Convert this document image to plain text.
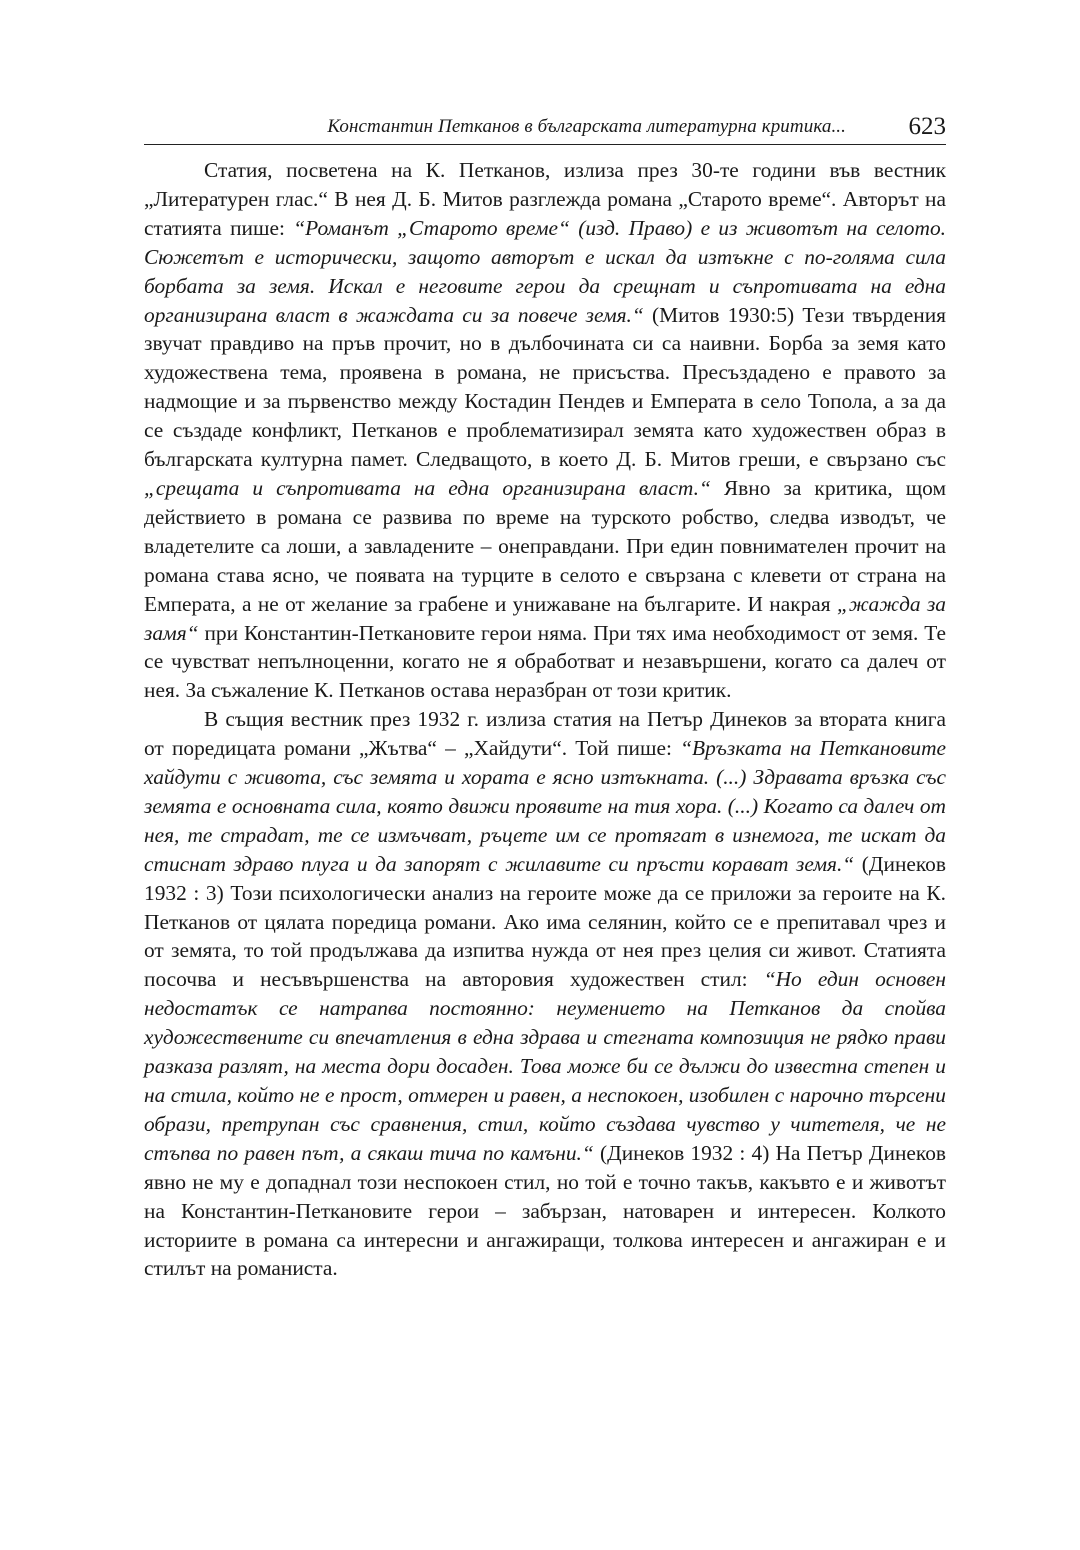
Константин Петканов в българската литературна критика...	623

Статия, посветена на К. Петканов, излиза през 30-те години във вестник „Литературен глас.“ В нея Д. Б. Митов разглежда романа „Старото време“. Авторът на статията пише: “Романът „Старото време“ (изд. Право) е из животът на селото. Сюжетът е исторически, защото авторът е искал да изтъкне с по-голяма сила борбата за земя. Искал е неговите герои да срещнат и съпротивата на една организирана власт в жаждата си за повече земя.“ (Митов 1930:5) Тези твърдения звучат правдиво на пръв прочит, но в дълбочината си са наивни. Борба за земя като художествена тема, проявена в романа, не присъства. Пресъздадено е правото за надмощие и за първенство между Костадин Пендев и Емперата в село Топола, а за да се създаде конфликт, Петканов е проблематизирал земята като художествен образ в българската културна памет. Следващото, в което Д. Б. Митов греши, е свързано със „срещата и съпротивата на една организирана власт.“ Явно за критика, щом действието в романа се развива по време на турското робство, следва изводът, че владетелите са лоши, а завладените – онеправдани. При един повнимателен прочит на романа става ясно, че появата на турците в селото е свързана с клевети от страна на Емперата, а не от желание за грабене и унижаване на българите. И накрая „жажда за замя“ при Константин-Петкановите герои няма. При тях има необходимост от земя. Те се чувстват непълноценни, когато не я обработват и незавършени, когато са далеч от нея. За съжаление К. Петканов остава неразбран от този критик.

В същия вестник през 1932 г. излиза статия на Петър Динеков за втората книга от поредицата романи „Жътва“ – „Хайдути“. Той пише: “Връзката на Петкановите хайдути с живота, със земята и хората е ясно изтъкната. (...) Здравата връзка със земята е основната сила, която движи проявите на тия хора. (...) Когато са далеч от нея, те страдат, те се измъчват, ръцете им се протягат в изнемога, те искат да стиснат здраво плуга и да запорят с жилавите си пръсти корават земя.“ (Динеков 1932 : 3) Този психологически анализ на героите може да се приложи за героите на К. Петканов от цялата поредица романи. Ако има селянин, който се е препитавал чрез и от земята, то той продължава да изпитва нужда от нея през целия си живот. Статията посочва и несъвършенства на авторовия художествен стил: “Но един основен недостатък се натрапва постоянно: неумението на Петканов да спойва художествените си впечатления в една здрава и стегната композиция не рядко прави разказа разлят, на места дори досаден. Това може би се дължи до известна степен и на стила, който не е прост, отмерен и равен, а неспокоен, изобилен с нарочно търсени образи, претрупан със сравнения, стил, който създава чувство у читетеля, че не стъпва по равен път, а сякаш тича по камъни.“ (Динеков 1932 : 4) На Петър Динеков явно не му е допаднал този неспокоен стил, но той е точно такъв, какъвто е и животът на Константин-Петкановите герои – забързан, натоварен и интересен. Колкото историите в романа са интересни и ангажиращи, толкова интересен и ангажиран е и стилът на романиста.
